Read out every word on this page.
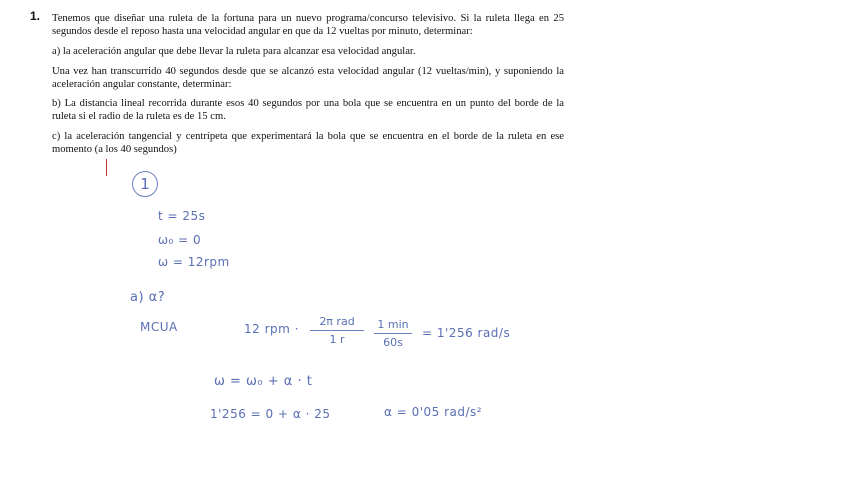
1. Tenemos que diseñar una ruleta de la fortuna para un nuevo programa/concurso televisivo. Si la ruleta llega en 25 segundos desde el reposo hasta una velocidad angular en que da 12 vueltas por minuto, determinar:

a) la aceleración angular que debe llevar la ruleta para alcanzar esa velocidad angular.

Una vez han transcurrido 40 segundos desde que se alcanzó esta velocidad angular (12 vueltas/min), y suponiendo la aceleración angular constante, determinar:

b) La distancia lineal recorrida durante esos 40 segundos por una bola que se encuentra en un punto del borde de la ruleta si el radio de la ruleta es de 15 cm.

c) la aceleración tangencial y centrípeta que experimentará la bola que se encuentra en el borde de la ruleta en ese momento (a los 40 segundos)

1
t = 25s
ω₀ = 0
ω = 12rpm
a) α?
MCUA	12 rpm ·
2π rad
1 r
1 min
60s
= 1'256 rad/s
ω = ω₀ + α · t
1'256 = 0 + α · 25	α = 0'05 rad/s²
